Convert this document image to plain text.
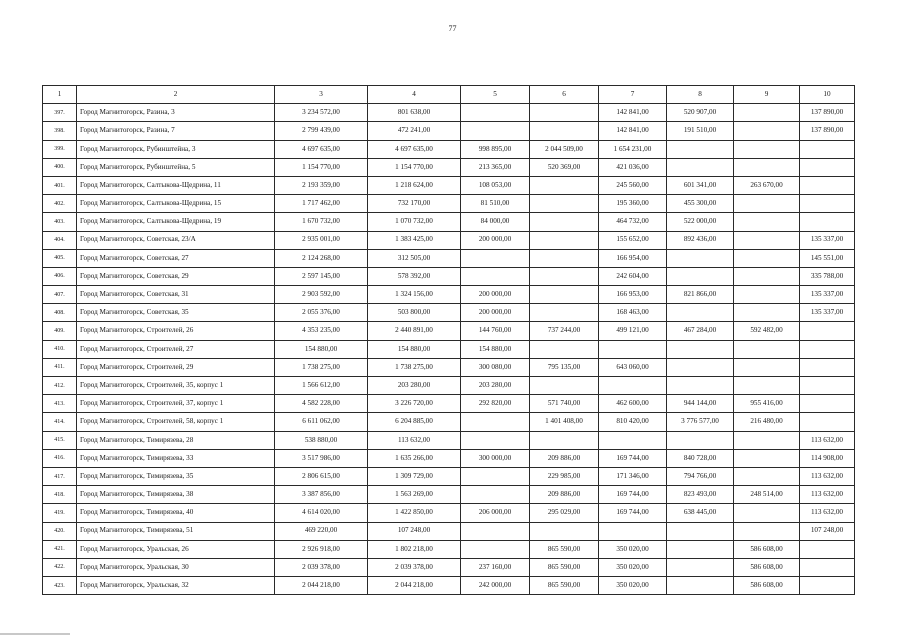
77
1	2	3	4	5	6	7	8	9	10
397.	Город Магнитогорск, Разина, 3	3 234 572,00	801 638,00			142 841,00	520 907,00		137 890,00
398.	Город Магнитогорск, Разина, 7	2 799 439,00	472 241,00			142 841,00	191 510,00		137 890,00
399.	Город Магнитогорск, Рубинштейна, 3	4 697 635,00	4 697 635,00	998 895,00	2 044 509,00	1 654 231,00			
400.	Город Магнитогорск, Рубинштейна, 5	1 154 770,00	1 154 770,00	213 365,00	520 369,00	421 036,00			
401.	Город Магнитогорск, Салтыкова-Щедрина, 11	2 193 359,00	1 218 624,00	108 053,00		245 560,00	601 341,00	263 670,00	
402.	Город Магнитогорск, Салтыкова-Щедрина, 15	1 717 462,00	732 170,00	81 510,00		195 360,00	455 300,00		
403.	Город Магнитогорск, Салтыкова-Щедрина, 19	1 670 732,00	1 070 732,00	84 000,00		464 732,00	522 000,00		
404.	Город Магнитогорск, Советская, 23/А	2 935 001,00	1 383 425,00	200 000,00		155 652,00	892 436,00		135 337,00
405.	Город Магнитогорск, Советская, 27	2 124 268,00	312 505,00			166 954,00			145 551,00
406.	Город Магнитогорск, Советская, 29	2 597 145,00	578 392,00			242 604,00			335 788,00
407.	Город Магнитогорск, Советская, 31	2 903 592,00	1 324 156,00	200 000,00		166 953,00	821 866,00		135 337,00
408.	Город Магнитогорск, Советская, 35	2 055 376,00	503 800,00	200 000,00		168 463,00			135 337,00
409.	Город Магнитогорск, Строителей, 26	4 353 235,00	2 440 891,00	144 760,00	737 244,00	499 121,00	467 284,00	592 482,00	
410.	Город Магнитогорск, Строителей, 27	154 880,00	154 880,00	154 880,00					
411.	Город Магнитогорск, Строителей, 29	1 738 275,00	1 738 275,00	300 080,00	795 135,00	643 060,00			
412.	Город Магнитогорск, Строителей, 35, корпус 1	1 566 612,00	203 280,00	203 280,00					
413.	Город Магнитогорск, Строителей, 37, корпус 1	4 582 228,00	3 226 720,00	292 820,00	571 740,00	462 600,00	944 144,00	955 416,00	
414.	Город Магнитогорск, Строителей, 58, корпус 1	6 611 062,00	6 204 885,00		1 401 408,00	810 420,00	3 776 577,00	216 480,00	
415.	Город Магнитогорск, Тимирязева, 28	538 880,00	113 632,00						113 632,00
416.	Город Магнитогорск, Тимирязева, 33	3 517 986,00	1 635 266,00	300 000,00	209 886,00	169 744,00	840 728,00		114 908,00
417.	Город Магнитогорск, Тимирязева, 35	2 806 615,00	1 309 729,00		229 985,00	171 346,00	794 766,00		113 632,00
418.	Город Магнитогорск, Тимирязева, 38	3 387 856,00	1 563 269,00		209 886,00	169 744,00	823 493,00	248 514,00	113 632,00
419.	Город Магнитогорск, Тимирязева, 40	4 614 020,00	1 422 850,00	206 000,00	295 029,00	169 744,00	638 445,00		113 632,00
420.	Город Магнитогорск, Тимирязева, 51	469 220,00	107 248,00						107 248,00
421.	Город Магнитогорск, Уральская, 26	2 926 918,00	1 802 218,00		865 590,00	350 020,00		586 608,00	
422.	Город Магнитогорск, Уральская, 30	2 039 378,00	2 039 378,00	237 160,00	865 590,00	350 020,00		586 608,00	
423.	Город Магнитогорск, Уральская, 32	2 044 218,00	2 044 218,00	242 000,00	865 590,00	350 020,00		586 608,00	
